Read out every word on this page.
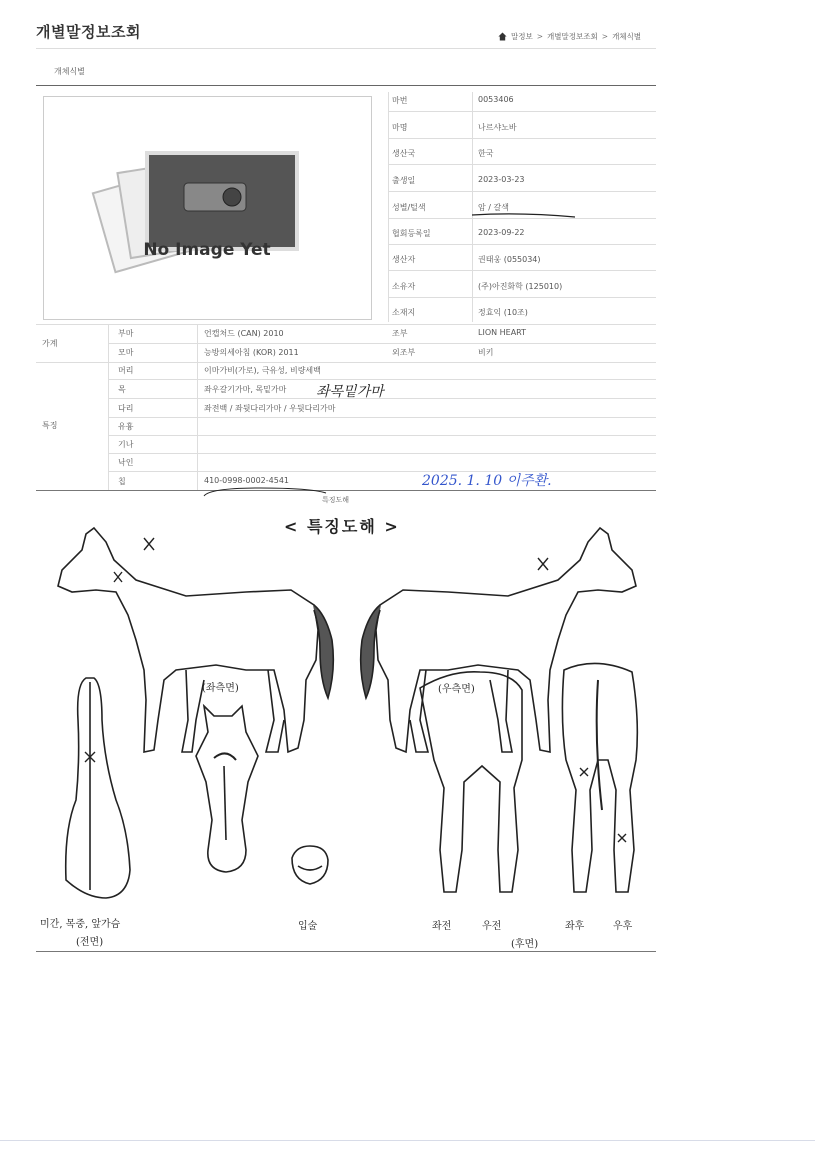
개별말정보조회	말정보 > 개별말정보조회 > 개체식별
개체식별
No Image Yet
마번	0053406
마명	나르샤노바
생산국	한국
출생일	2023-03-23
성별/털색	암 / 갈색
협회등록일	2023-09-22
생산자	권태웅 (055034)
소유자	(주)아진화학 (125010)
소재지	정효익 (10조)
가계
부마	언캡처드 (CAN) 2010	조부	LION HEART
모마	능방의세아침 (KOR) 2011	외조부	비키
특징
머리	이마가비(가로), 극유성, 비량세백
목	좌우갈기가마, 목밑가마
다리	좌전백 / 좌뒷다리가마 / 우뒷다리가마
유흉
기나
낙인
칩	410-0998-0002-4541
특징도해
좌목밑가마
2025. 1. 10 이주환.
< 특징도해 >
(좌측면)	(우측면)
미간, 목중, 앞가슴
(전면)
입술	좌전	우전	좌후	우후
(후면)
